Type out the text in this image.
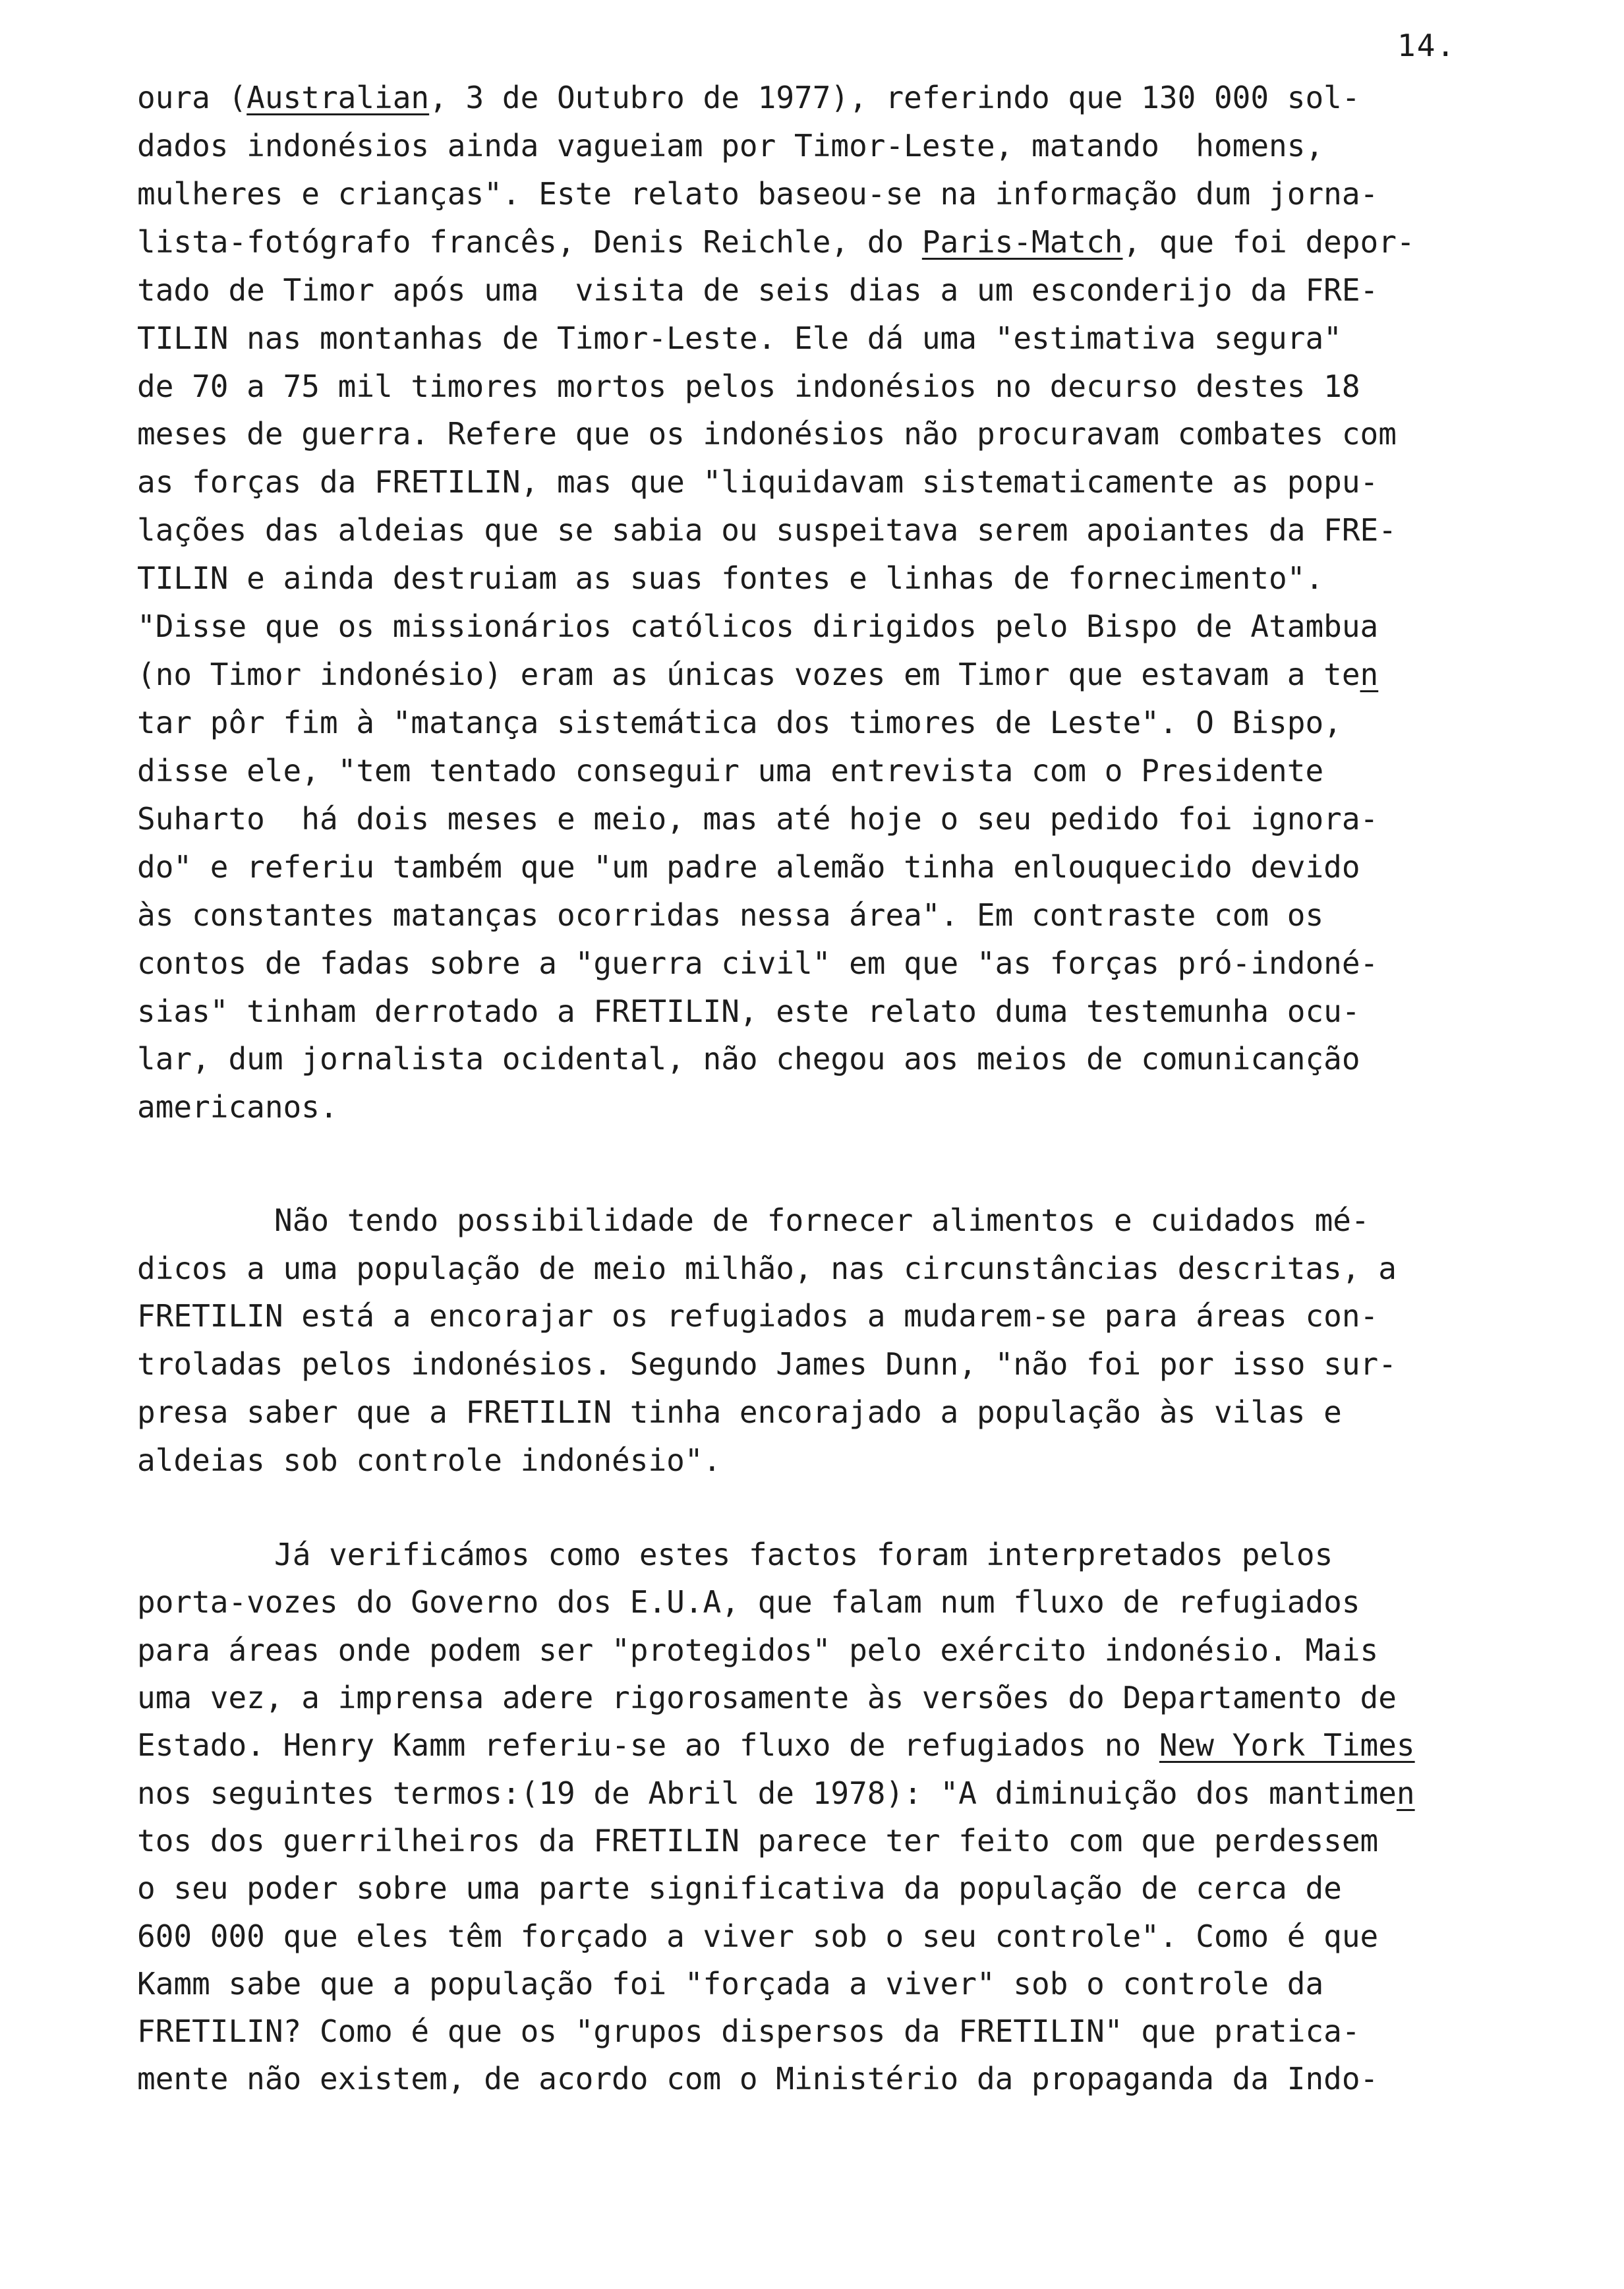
14.
oura (Australian, 3 de Outubro de 1977), referindo que 130 000 sol-
dados indonésios ainda vagueiam por Timor-Leste, matando  homens,
mulheres e crianças". Este relato baseou-se na informação dum jorna-
lista-fotógrafo francês, Denis Reichle, do Paris-Match, que foi depor-
tado de Timor após uma  visita de seis dias a um esconderijo da FRE-
TILIN nas montanhas de Timor-Leste. Ele dá uma "estimativa segura"
de 70 a 75 mil timores mortos pelos indonésios no decurso destes 18
meses de guerra. Refere que os indonésios não procuravam combates com
as forças da FRETILIN, mas que "liquidavam sistematicamente as popu-
lações das aldeias que se sabia ou suspeitava serem apoiantes da FRE-
TILIN e ainda destruiam as suas fontes e linhas de fornecimento".
"Disse que os missionários católicos dirigidos pelo Bispo de Atambua
(no Timor indonésio) eram as únicas vozes em Timor que estavam a ten
tar pôr fim à "matança sistemática dos timores de Leste". O Bispo,
disse ele, "tem tentado conseguir uma entrevista com o Presidente
Suharto  há dois meses e meio, mas até hoje o seu pedido foi ignora-
do" e referiu também que "um padre alemão tinha enlouquecido devido
às constantes matanças ocorridas nessa área". Em contraste com os
contos de fadas sobre a "guerra civil" em que "as forças pró-indoné-
sias" tinham derrotado a FRETILIN, este relato duma testemunha ocu-
lar, dum jornalista ocidental, não chegou aos meios de comunicanção
americanos.
Não tendo possibilidade de fornecer alimentos e cuidados mé-
dicos a uma população de meio milhão, nas circunstâncias descritas, a
FRETILIN está a encorajar os refugiados a mudarem-se para áreas con-
troladas pelos indonésios. Segundo James Dunn, "não foi por isso sur-
presa saber que a FRETILIN tinha encorajado a população às vilas e
aldeias sob controle indonésio".
Já verificámos como estes factos foram interpretados pelos
porta-vozes do Governo dos E.U.A, que falam num fluxo de refugiados
para áreas onde podem ser "protegidos" pelo exército indonésio. Mais
uma vez, a imprensa adere rigorosamente às versões do Departamento de
Estado. Henry Kamm referiu-se ao fluxo de refugiados no New York Times
nos seguintes termos:(19 de Abril de 1978): "A diminuição dos mantimen
tos dos guerrilheiros da FRETILIN parece ter feito com que perdessem
o seu poder sobre uma parte significativa da população de cerca de
600 000 que eles têm forçado a viver sob o seu controle". Como é que
Kamm sabe que a população foi "forçada a viver" sob o controle da
FRETILIN? Como é que os "grupos dispersos da FRETILIN" que pratica-
mente não existem, de acordo com o Ministério da propaganda da Indo-
